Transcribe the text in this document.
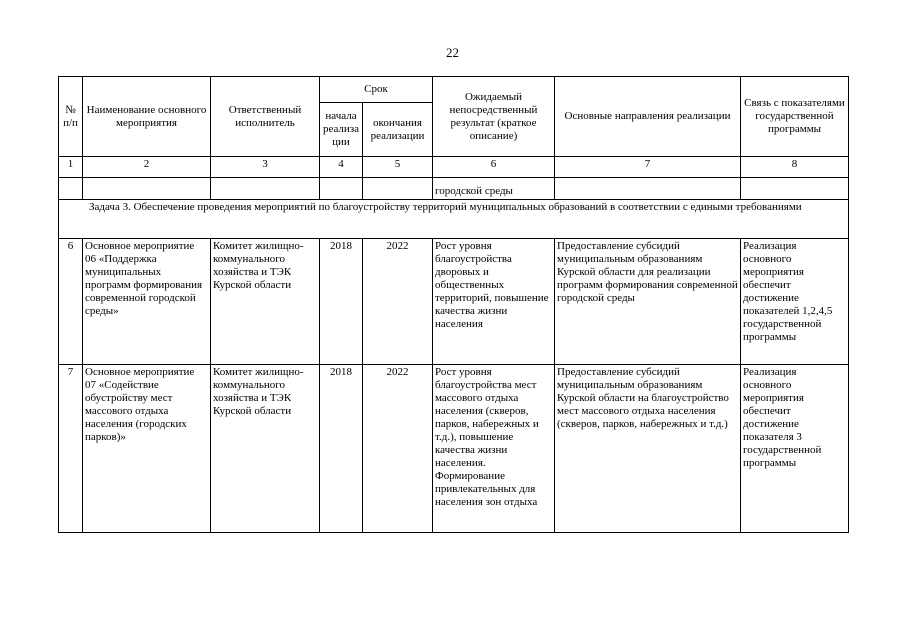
22
№ п/п	Наименование основного мероприятия	Ответственный исполнитель	Срок		Ожидаемый непосредственный результат (краткое описание)	Основные направления реализации	Связь с показателями государственной программы
			начала реализации	окончания реализации			
1	2	3	4	5	6	7	8
					городской среды		
Задача 3. Обеспечение проведения мероприятий по благоустройству территорий муниципальных образований в соответствии с едиными требованиями							
6	Основное мероприятие 06 «Поддержка муниципальных программ формирования современной городской среды»	Комитет жилищно-коммунального хозяйства и ТЭК Курской области	2018	2022	Рост уровня благоустройства дворовых и общественных территорий, повышение качества жизни населения	Предоставление субсидий муниципальным образованиям Курской области для реализации программ формирования современной городской среды	Реализация основного мероприятия обеспечит достижение показателей 1,2,4,5 государственной программы
7	Основное мероприятие 07 «Содействие обустройству мест массового отдыха населения (городских парков)»	Комитет жилищно-коммунального хозяйства и ТЭК Курской области	2018	2022	Рост уровня благоустройства мест массового отдыха населения (скверов, парков, набережных и т.д.), повышение качества жизни населения. Формирование привлекательных для населения зон отдыха	Предоставление субсидий муниципальным образованиям Курской области на благоустройство мест массового отдыха населения (скверов, парков, набережных и т.д.)	Реализация основного мероприятия обеспечит достижение показателя 3 государственной программы
